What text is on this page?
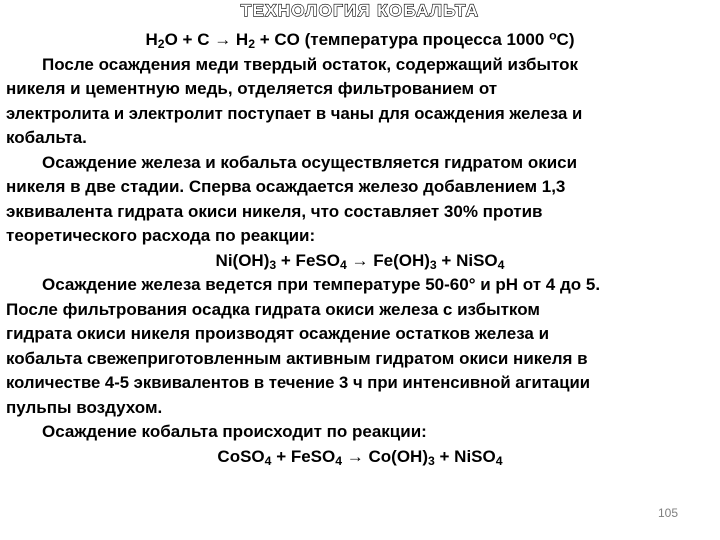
ТЕХНОЛОГИЯ КОБАЛЬТА
$H_2O + C \to H_2$ + CO (температура процесса 1000 $^о$С)
После осаждения меди твердый остаток, содержащий избыток
никеля и цементную медь, отделяется фильтрованием от
электролита и электролит поступает в чаны для осаждения железа и
кобальта.
Осаждение железа и кобальта осуществляется гидратом окиси
никеля в две стадии. Сперва осаждается железо добавлением 1,3
эквивалента гидрата окиси никеля, что составляет 30% против
теоретического расхода по реакции:
$Ni(OH)_3$ + FeSO$_4$ → $Fe(OH)_3$ + NiSO$_4$
Осаждение железа ведется при температуре 50-60° и рН от 4 до 5.
После фильтрования осадка гидрата окиси железа с избытком
гидрата окиси никеля производят осаждение остатков железа и
кобальта свежеприготовленным активным гидратом окиси никеля в
количестве 4-5 эквивалентов в течение 3 ч при интенсивной агитации
пульпы воздухом.
Осаждение кобальта происходит по реакции:
CoSO$_4$ + FeSO$_4$ → $Co(OH)_3$ + NiSO$_4$
105
